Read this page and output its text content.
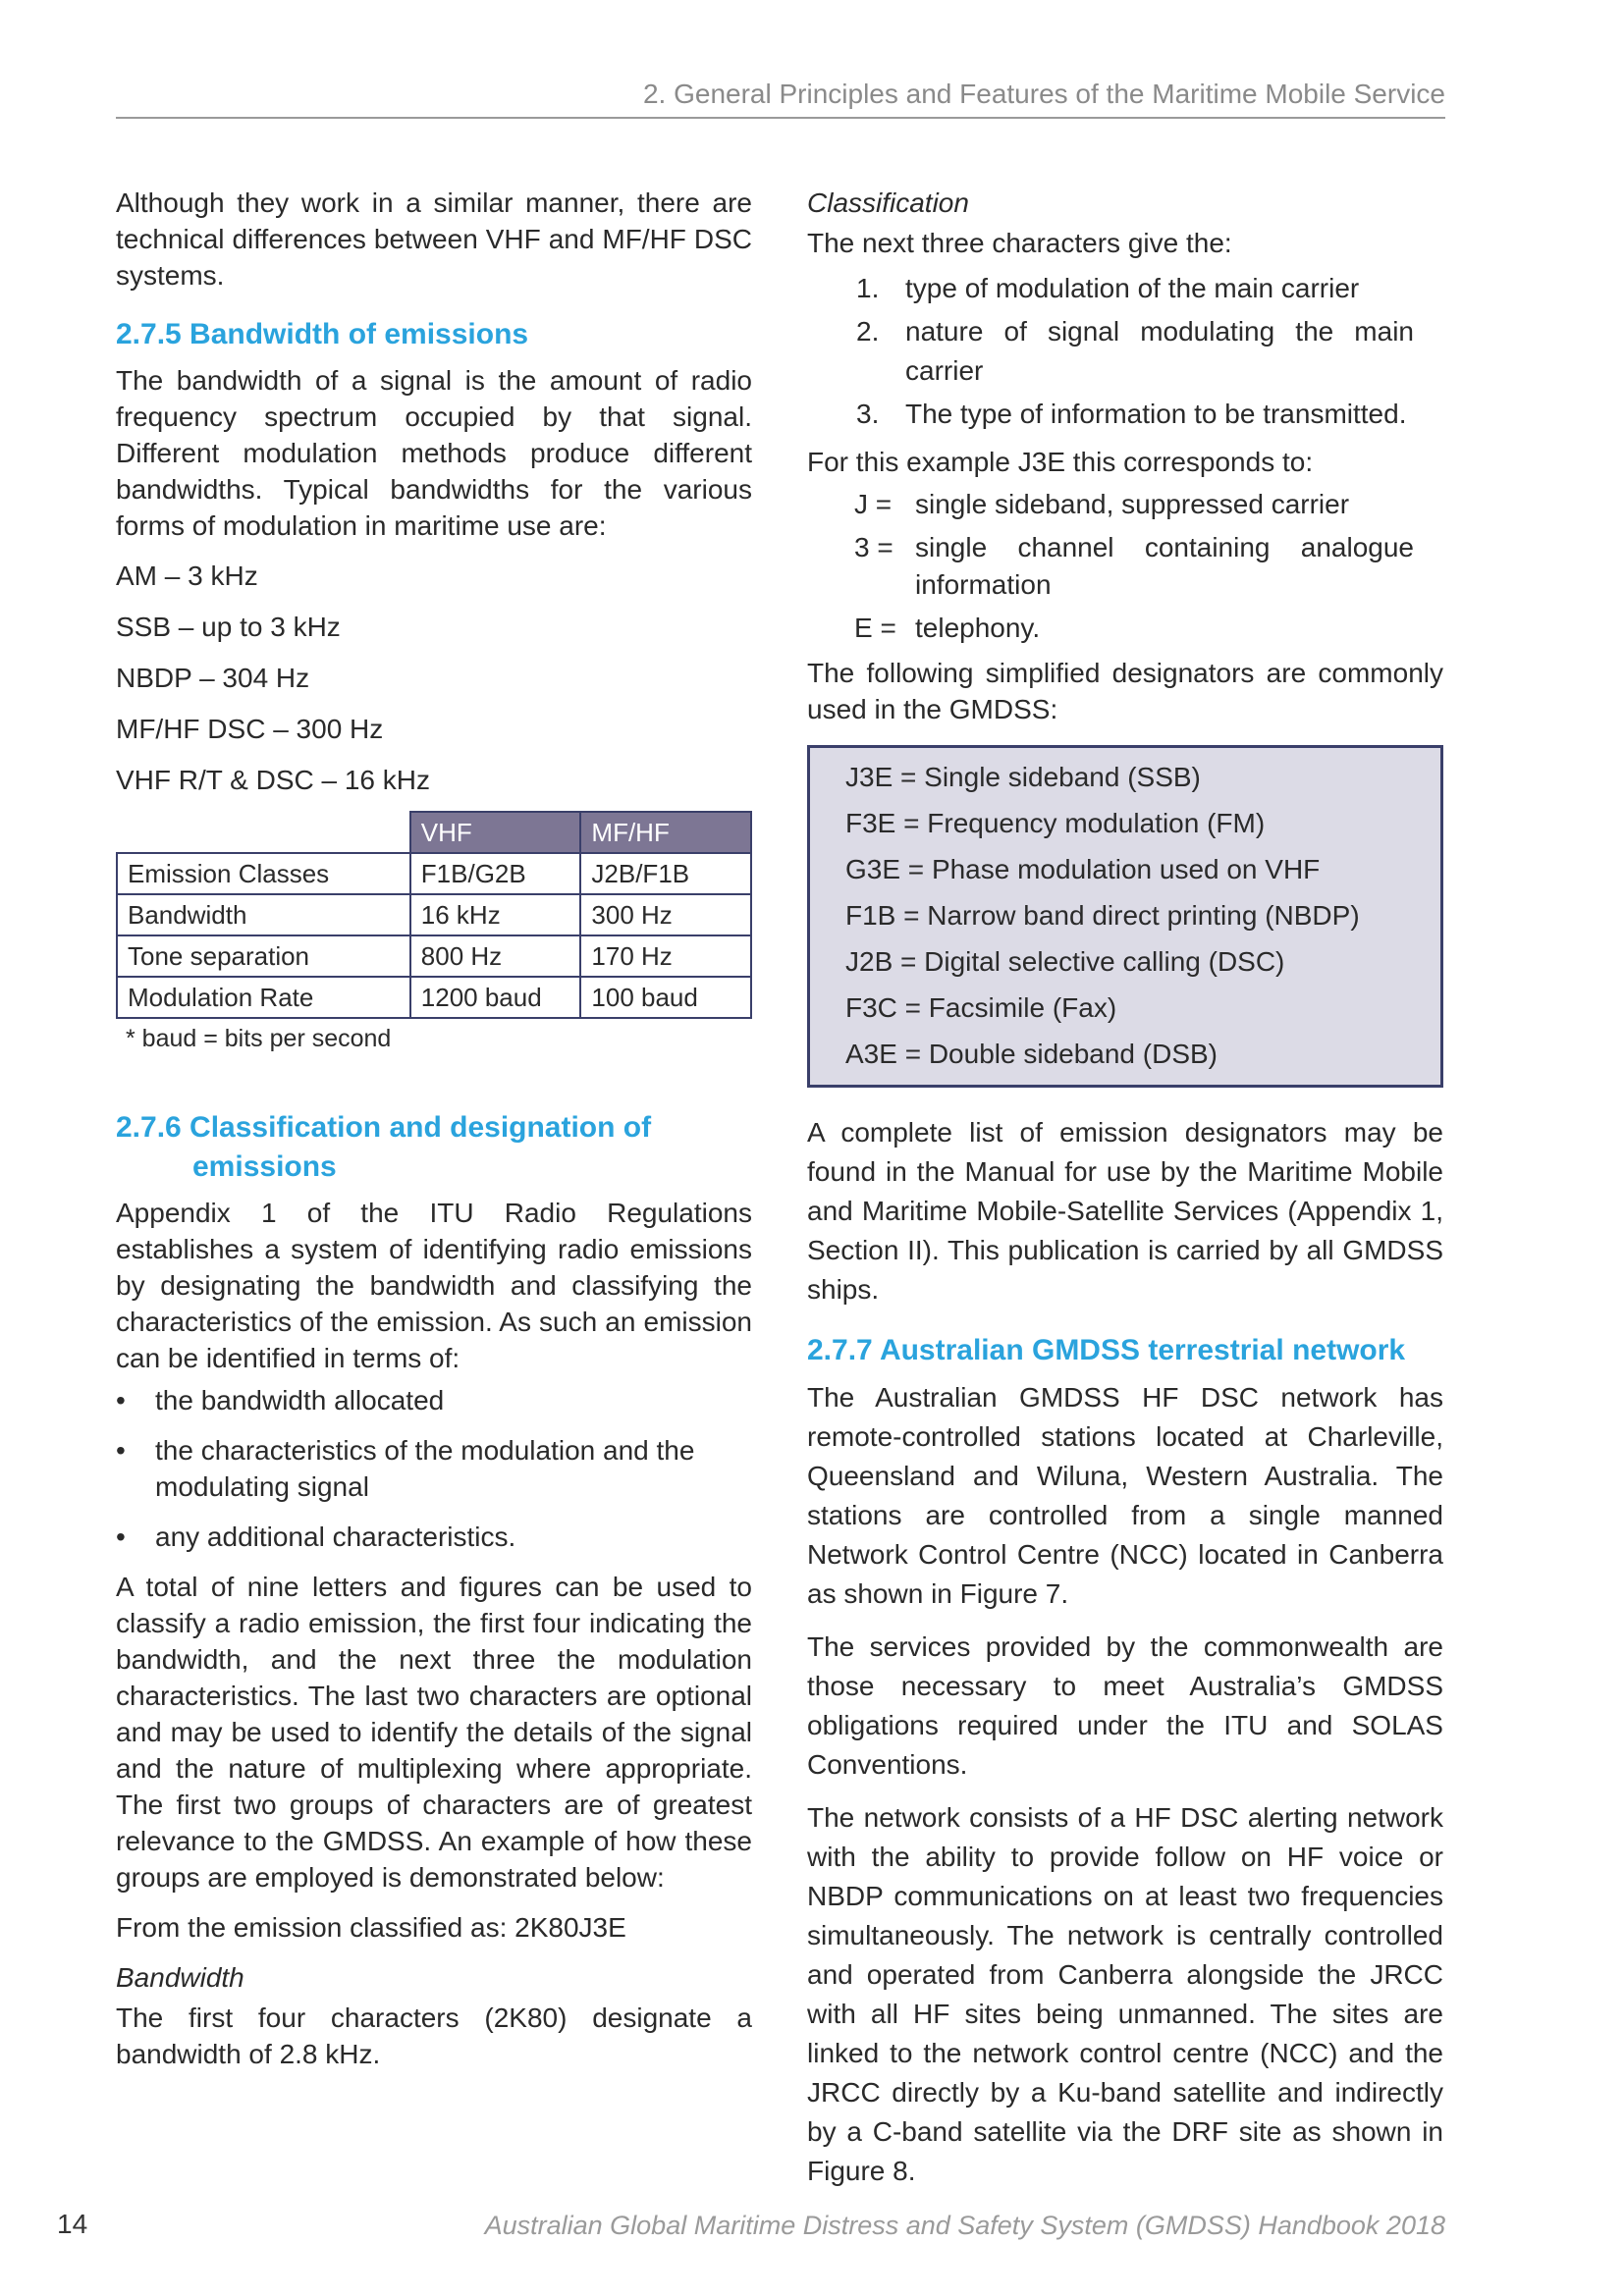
2. General Principles and Features of the Maritime Mobile Service

Although they work in a similar manner, there are technical differences between VHF and MF/HF DSC systems.

2.7.5 Bandwidth of emissions

The bandwidth of a signal is the amount of radio frequency spectrum occupied by that signal. Different modulation methods produce different bandwidths. Typical bandwidths for the various forms of modulation in maritime use are:

AM – 3 kHz
SSB – up to 3 kHz
NBDP – 304 Hz
MF/HF DSC – 300 Hz
VHF R/T & DSC – 16 kHz
	VHF	MF/HF
Emission Classes	F1B/G2B	J2B/F1B
Bandwidth	16 kHz	300 Hz
Tone separation	800 Hz	170 Hz
Modulation Rate	1200 baud	100 baud
* baud = bits per second
2.7.6 Classification and designation of
emissions

Appendix 1 of the ITU Radio Regulations establishes a system of identifying radio emissions by designating the bandwidth and classifying the characteristics of the emission. As such an emission can be identified in terms of:

• the bandwidth allocated
• the characteristics of the modulation and the modulating signal
• any additional characteristics.

A total of nine letters and figures can be used to classify a radio emission, the first four indicating the bandwidth, and the next three the modulation characteristics. The last two characters are optional and may be used to identify the details of the signal and the nature of multiplexing where appropriate. The first two groups of characters are of greatest relevance to the GMDSS. An example of how these groups are employed is demonstrated below:

From the emission classified as: 2K80J3E

Bandwidth

The first four characters (2K80) designate a bandwidth of 2.8 kHz.

Classification

The next three characters give the:

1. type of modulation of the main carrier
2. nature of signal modulating the main carrier
3. The type of information to be transmitted.

For this example J3E this corresponds to:

J = single sideband, suppressed carrier
3 = single channel containing analogue information
E = telephony.

The following simplified designators are commonly used in the GMDSS:

J3E = Single sideband (SSB)
F3E = Frequency modulation (FM)
G3E = Phase modulation used on VHF
F1B = Narrow band direct printing (NBDP)
J2B = Digital selective calling (DSC)
F3C = Facsimile (Fax)
A3E = Double sideband (DSB)

A complete list of emission designators may be found in the Manual for use by the Maritime Mobile and Maritime Mobile-Satellite Services (Appendix 1, Section II). This publication is carried by all GMDSS ships.

2.7.7 Australian GMDSS terrestrial network

The Australian GMDSS HF DSC network has remote-controlled stations located at Charleville, Queensland and Wiluna, Western Australia. The stations are controlled from a single manned Network Control Centre (NCC) located in Canberra as shown in Figure 7.

The services provided by the commonwealth are those necessary to meet Australia’s GMDSS obligations required under the ITU and SOLAS Conventions.

The network consists of a HF DSC alerting network with the ability to provide follow on HF voice or NBDP communications on at least two frequencies simultaneously. The network is centrally controlled and operated from Canberra alongside the JRCC with all HF sites being unmanned. The sites are linked to the network control centre (NCC) and the JRCC directly by a Ku-band satellite and indirectly by a C-band satellite via the DRF site as shown in Figure 8.

14	Australian Global Maritime Distress and Safety System (GMDSS) Handbook 2018
